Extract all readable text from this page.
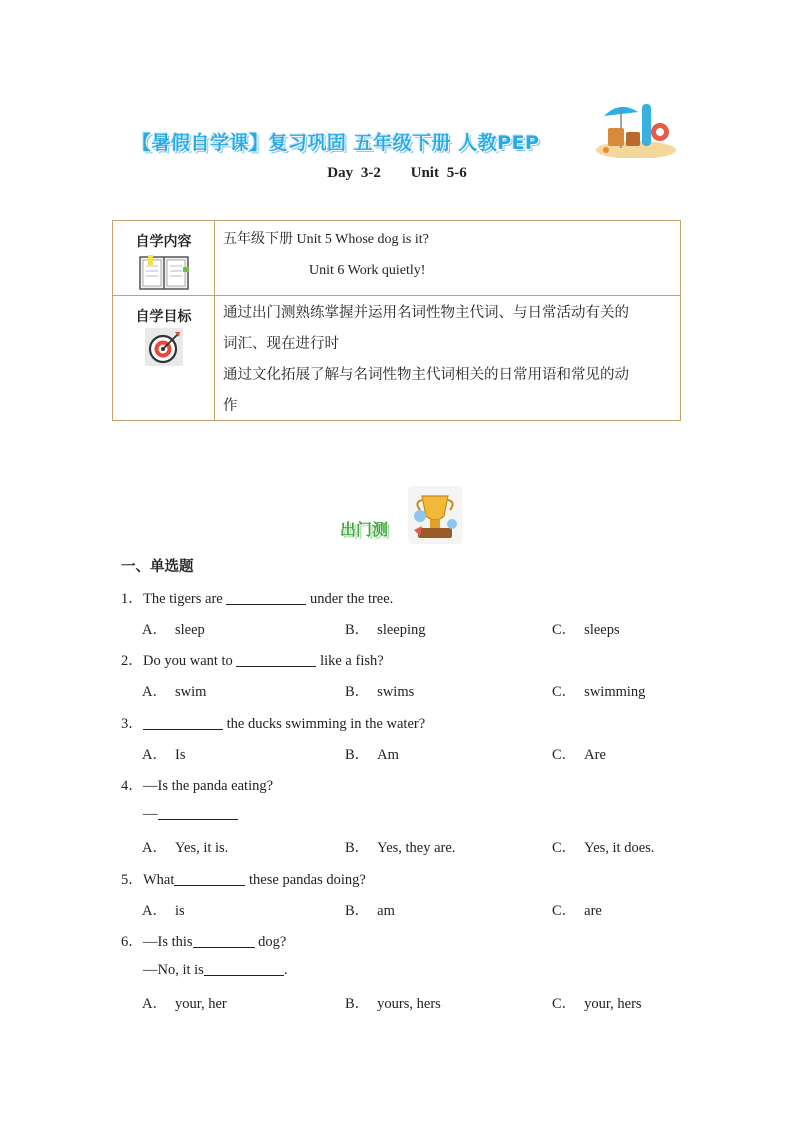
【暑假自学课】复习巩固 五年级下册 人教PEP
Day 3-2 Unit 5-6
自学内容	五年级下册 Unit 5 Whose dog is it?
Unit 6 Work quietly!
自学目标	通过出门测熟练掌握并运用名词性物主代词、与日常活动有关的
词汇、现在进行时
通过文化拓展了解与名词性物主代词相关的日常用语和常见的动
作
出门测
一、单选题
1．The tigers are	under the tree.
A． sleep	B． sleeping	C． sleeps
2．Do you want to	like a fish?
A． swim	B． swims	C． swimming
3．	the ducks swimming in the water?
A． Is	B． Am	C． Are
4．—Is the panda eating?
—
A． Yes, it is.	B． Yes, they are.	C． Yes, it does.
5．What	these pandas doing?
A． is	B． am	C． are
6．—Is this	dog?
—No, it is	.
A． your, her	B． yours, hers	C． your, hers
